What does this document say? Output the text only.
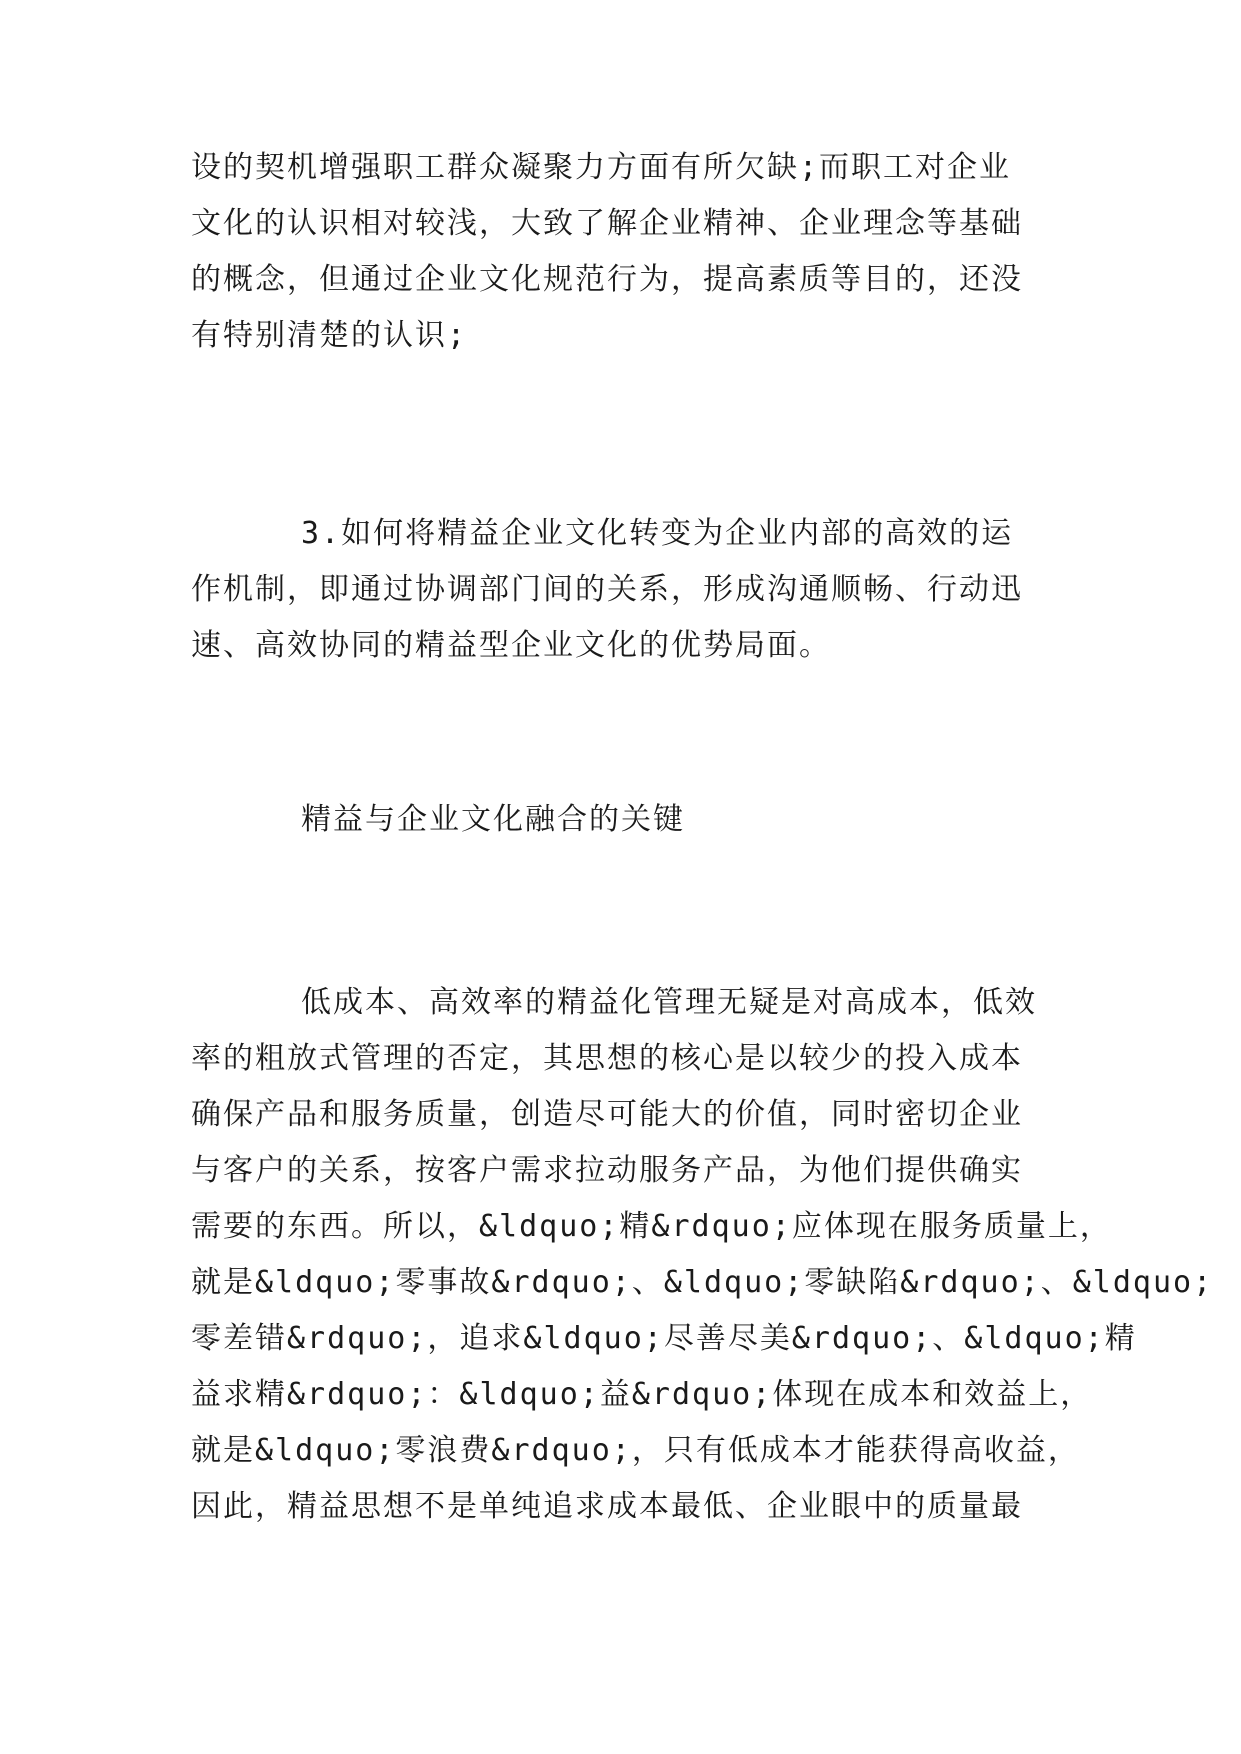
设的契机增强职工群众凝聚力方面有所欠缺;而职工对企业
文化的认识相对较浅，大致了解企业精神、企业理念等基础
的概念，但通过企业文化规范行为，提高素质等目的，还没
有特别清楚的认识;
3.如何将精益企业文化转变为企业内部的高效的运
作机制，即通过协调部门间的关系，形成沟通顺畅、行动迅
速、高效协同的精益型企业文化的优势局面。
精益与企业文化融合的关键
低成本、高效率的精益化管理无疑是对高成本，低效
率的粗放式管理的否定，其思想的核心是以较少的投入成本
确保产品和服务质量，创造尽可能大的价值，同时密切企业
与客户的关系，按客户需求拉动服务产品，为他们提供确实
需要的东西。所以，&ldquo;精&rdquo;应体现在服务质量上，
就是&ldquo;零事故&rdquo;、&ldquo;零缺陷&rdquo;、&ldquo;
零差错&rdquo;，追求&ldquo;尽善尽美&rdquo;、&ldquo;精
益求精&rdquo;：&ldquo;益&rdquo;体现在成本和效益上，
就是&ldquo;零浪费&rdquo;，只有低成本才能获得高收益，
因此，精益思想不是单纯追求成本最低、企业眼中的质量最
